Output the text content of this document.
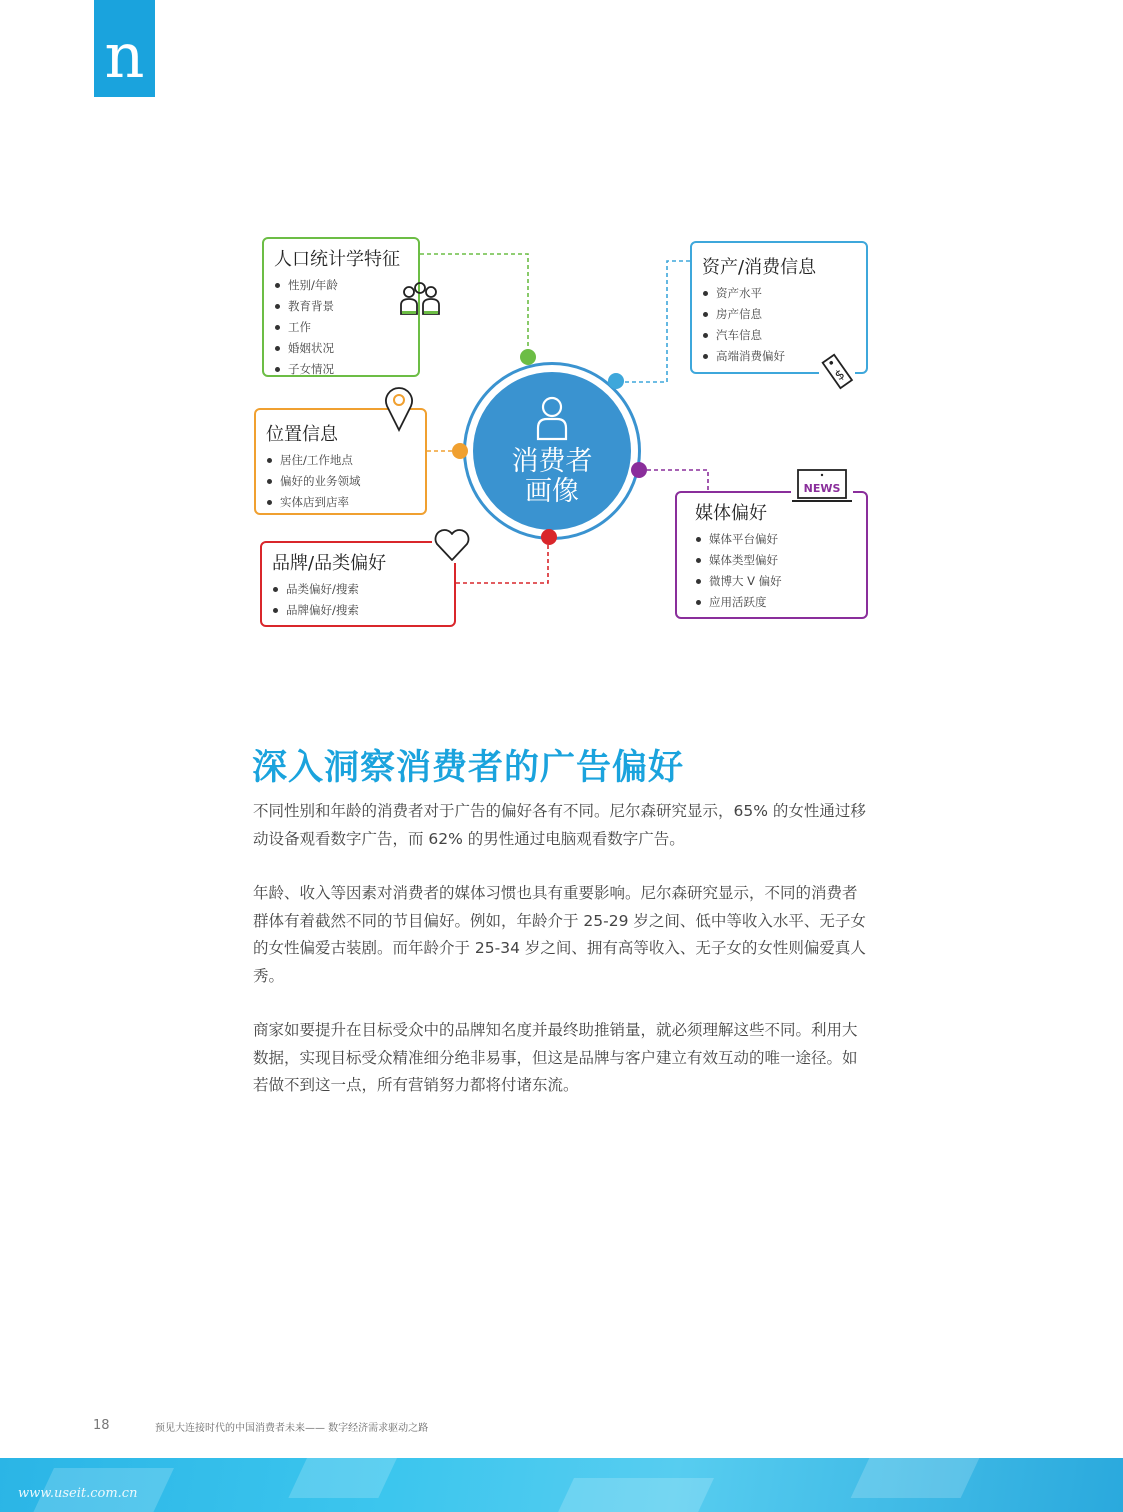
n
消费者画像
人口统计学特征
性别/年龄
教育背景
工作
婚姻状况
子女情况
资产/消费信息
资产水平
房产信息
汽车信息
高端消费偏好
$
位置信息
居住/工作地点
偏好的业务领域
实体店到店率
品牌/品类偏好
品类偏好/搜索
品牌偏好/搜索
媒体偏好
媒体平台偏好
媒体类型偏好
微博大 V 偏好
应用活跃度
NEWS
深入洞察消费者的广告偏好

不同性别和年龄的消费者对于广告的偏好各有不同。尼尔森研究显示，65% 的女性通过移动设备观看数字广告，而 62% 的男性通过电脑观看数字广告。

年龄、收入等因素对消费者的媒体习惯也具有重要影响。尼尔森研究显示，不同的消费者群体有着截然不同的节目偏好。例如，年龄介于 25-29 岁之间、低中等收入水平、无子女的女性偏爱古装剧。而年龄介于 25-34 岁之间、拥有高等收入、无子女的女性则偏爱真人秀。

商家如要提升在目标受众中的品牌知名度并最终助推销量，就必须理解这些不同。利用大数据，实现目标受众精准细分绝非易事，但这是品牌与客户建立有效互动的唯一途径。如若做不到这一点，所有营销努力都将付诸东流。

18	预见大连接时代的中国消费者未来—— 数字经济需求驱动之路
www.useit.com.cn
